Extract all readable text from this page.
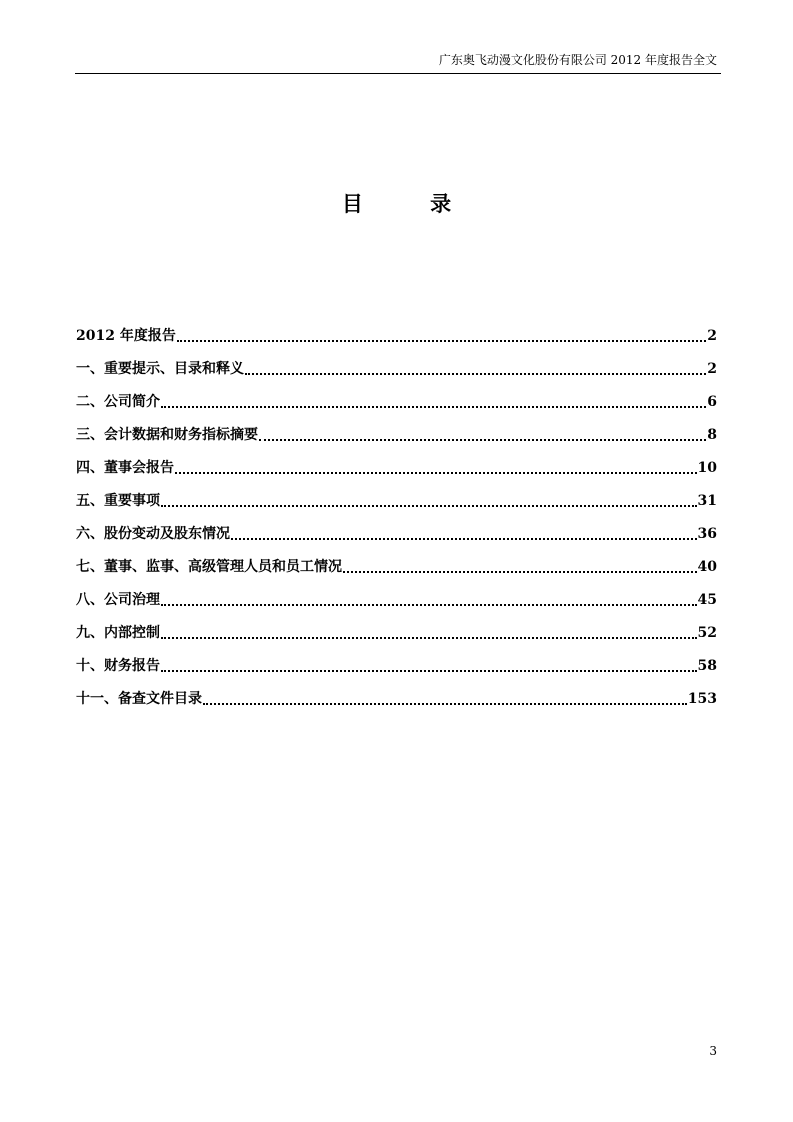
广东奥飞动漫文化股份有限公司 2012 年度报告全文
目 录
2012 年度报告	2
一、重要提示、目录和释义	2
二、公司简介	6
三、会计数据和财务指标摘要	8
四、董事会报告	10
五、重要事项	31
六、股份变动及股东情况	36
七、董事、监事、高级管理人员和员工情况	40
八、公司治理	45
九、内部控制	52
十、财务报告	58
十一、备查文件目录	153
3
